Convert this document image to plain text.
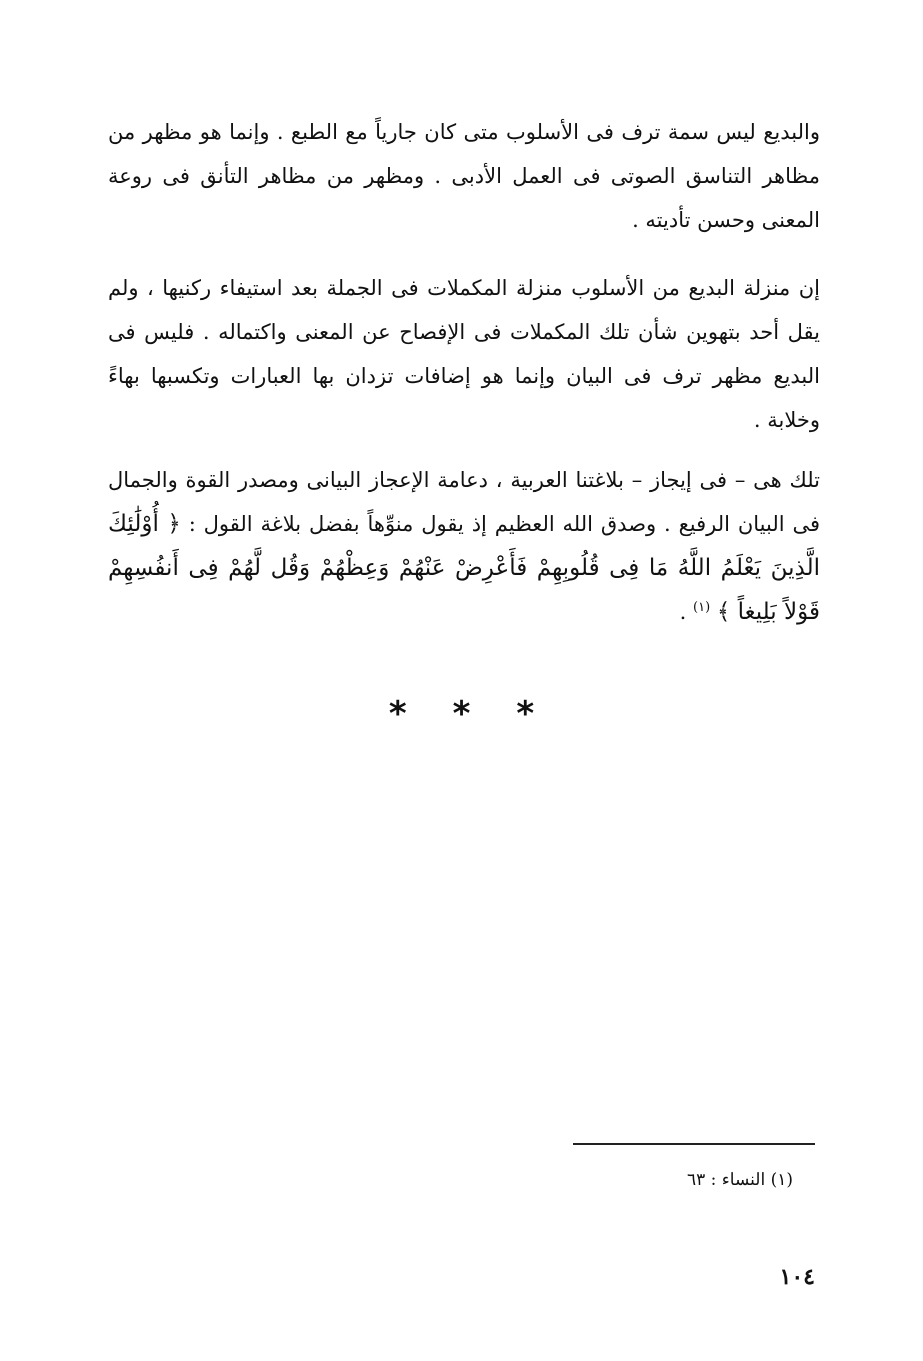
والبديع ليس سمة ترف فى الأسلوب متى كان جارياً مع الطبع . وإنما هو مظهر من مظاهر التناسق الصوتى فى العمل الأدبى . ومظهر من مظاهر التأنق فى روعة المعنى وحسن تأديته .

إن منزلة البديع من الأسلوب منزلة المكملات فى الجملة بعد استيفاء ركنيها ، ولم يقل أحد بتهوين شأن تلك المكملات فى الإفصاح عن المعنى واكتماله . فليس فى البديع مظهر ترف فى البيان وإنما هو إضافات تزدان بها العبارات وتكسبها بهاءً وخلابة .

تلك هى – فى إيجاز – بلاغتنا العربية ، دعامة الإعجاز البيانى ومصدر القوة والجمال فى البيان الرفيع . وصدق الله العظيم إذ يقول منوِّهاً بفضل بلاغة القول : ﴿ أُوْلَٰئِكَ الَّذِينَ يَعْلَمُ اللَّهُ مَا فِى قُلُوبِهِمْ فَأَعْرِضْ عَنْهُمْ وَعِظْهُمْ وَقُل لَّهُمْ فِى أَنفُسِهِمْ قَوْلاً بَلِيغاً ﴾ $^{(١)}$ .

***
(١) النساء : ٦٣
١٠٤
